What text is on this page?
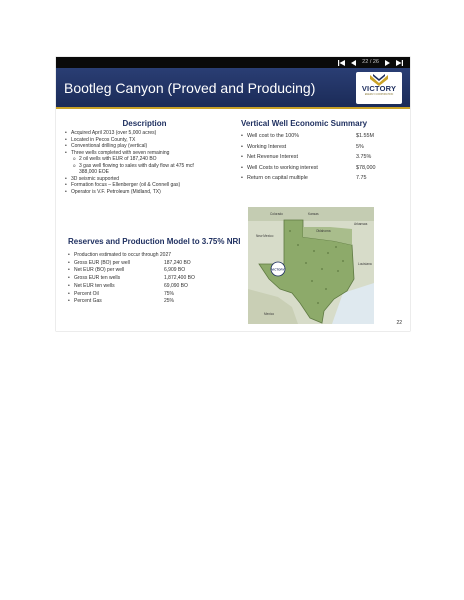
22 / 26
Bootleg Canyon (Proved and Producing)	VICTORY
ENERGY CORPORATION
Description
• Acquired April 2013 (over 5,000 acres)
• Located in Pecos County, TX
• Conventional drilling play (vertical)
• Three wells completed with seven remaining
o 2 oil wells with EUR of 187,240 BO
o 3 gas well flowing to sales with daily flow at 475 mcf
388,000 EOE
• 3D seismic supported
• Formation focus – Ellenberger (oil & Connell gas)
• Operator is V.F. Petroleum (Midland, TX)
Vertical Well Economic Summary
• Well cost to the 100%	$1.55M
• Working Interest	5%
• Net Revenue Interest	3.75%
• Well Costs to working interest	$78,000
• Return on capital multiple	7.75
Reserves and Production Model to 3.75% NRI
• Production estimated to occur through 2027
• Gross EUR (BO) per well	187,240 BO
• Net EUR (BO) per well	6,909 BO
• Gross EUR ten wells	1,872,400 BO
• Net EUR ten wells	69,090 BO
• Percent Oil	75%
• Percent Gas	25%
VICTORY
Colorado	Kansas
Oklahoma
New Mexico
Arkansas
Louisiana
Mexico
22
